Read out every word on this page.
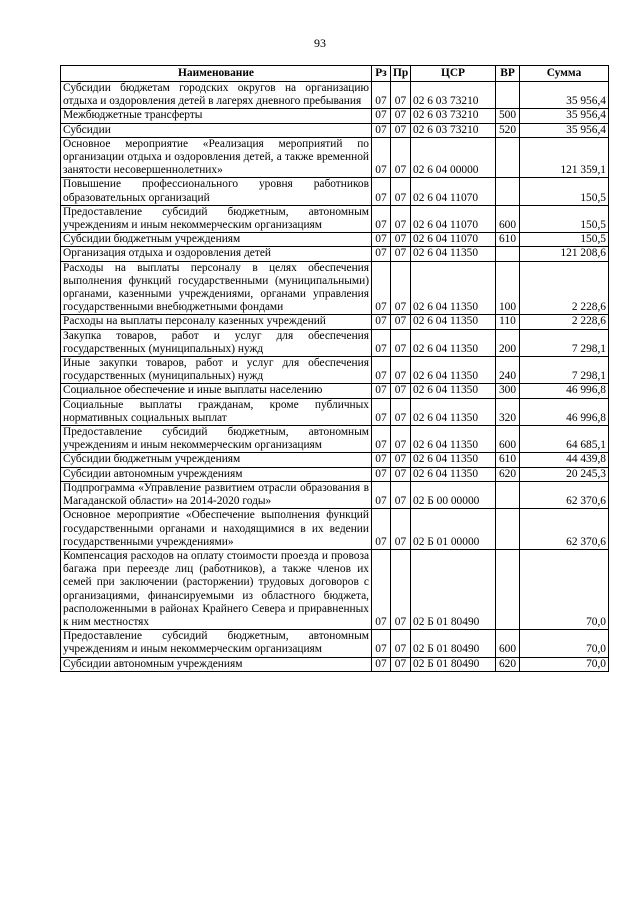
93
Наименование	Рз	Пр	ЦСР	ВР	Сумма
Субсидии бюджетам городских округов на организацию отдыха и оздоровления детей в лагерях дневного пребывания	07	07	02 6 03 73210		35 956,4
Межбюджетные трансферты	07	07	02 6 03 73210	500	35 956,4
Субсидии	07	07	02 6 03 73210	520	35 956,4
Основное мероприятие «Реализация мероприятий по организации отдыха и оздоровления детей, а также временной занятости несовершеннолетних»	07	07	02 6 04 00000		121 359,1
Повышение профессионального уровня работников образовательных организаций	07	07	02 6 04 11070		150,5
Предоставление субсидий бюджетным, автономным учреждениям и иным некоммерческим организациям	07	07	02 6 04 11070	600	150,5
Субсидии бюджетным учреждениям	07	07	02 6 04 11070	610	150,5
Организация отдыха и оздоровления детей	07	07	02 6 04 11350		121 208,6
Расходы на выплаты персоналу в целях обеспечения выполнения функций государственными (муниципальными) органами, казенными учреждениями, органами управления государственными внебюджетными фондами	07	07	02 6 04 11350	100	2 228,6
Расходы на выплаты персоналу казенных учреждений	07	07	02 6 04 11350	110	2 228,6
Закупка товаров, работ и услуг для обеспечения государственных (муниципальных) нужд	07	07	02 6 04 11350	200	7 298,1
Иные закупки товаров, работ и услуг для обеспечения государственных (муниципальных) нужд	07	07	02 6 04 11350	240	7 298,1
Социальное обеспечение и иные выплаты населению	07	07	02 6 04 11350	300	46 996,8
Социальные выплаты гражданам, кроме публичных нормативных социальных выплат	07	07	02 6 04 11350	320	46 996,8
Предоставление субсидий бюджетным, автономным учреждениям и иным некоммерческим организациям	07	07	02 6 04 11350	600	64 685,1
Субсидии бюджетным учреждениям	07	07	02 6 04 11350	610	44 439,8
Субсидии автономным учреждениям	07	07	02 6 04 11350	620	20 245,3
Подпрограмма «Управление развитием отрасли образования в Магаданской области» на 2014-2020 годы»	07	07	02 Б 00 00000		62 370,6
Основное мероприятие «Обеспечение выполнения функций государственными органами и находящимися в их ведении государственными учреждениями»	07	07	02 Б 01 00000		62 370,6
Компенсация расходов на оплату стоимости проезда и провоза багажа при переезде лиц (работников), а также членов их семей при заключении (расторжении) трудовых договоров с организациями, финансируемыми из областного бюджета, расположенными в районах Крайнего Севера и приравненных к ним местностях	07	07	02 Б 01 80490		70,0
Предоставление субсидий бюджетным, автономным учреждениям и иным некоммерческим организациям	07	07	02 Б 01 80490	600	70,0
Субсидии автономным учреждениям	07	07	02 Б 01 80490	620	70,0
